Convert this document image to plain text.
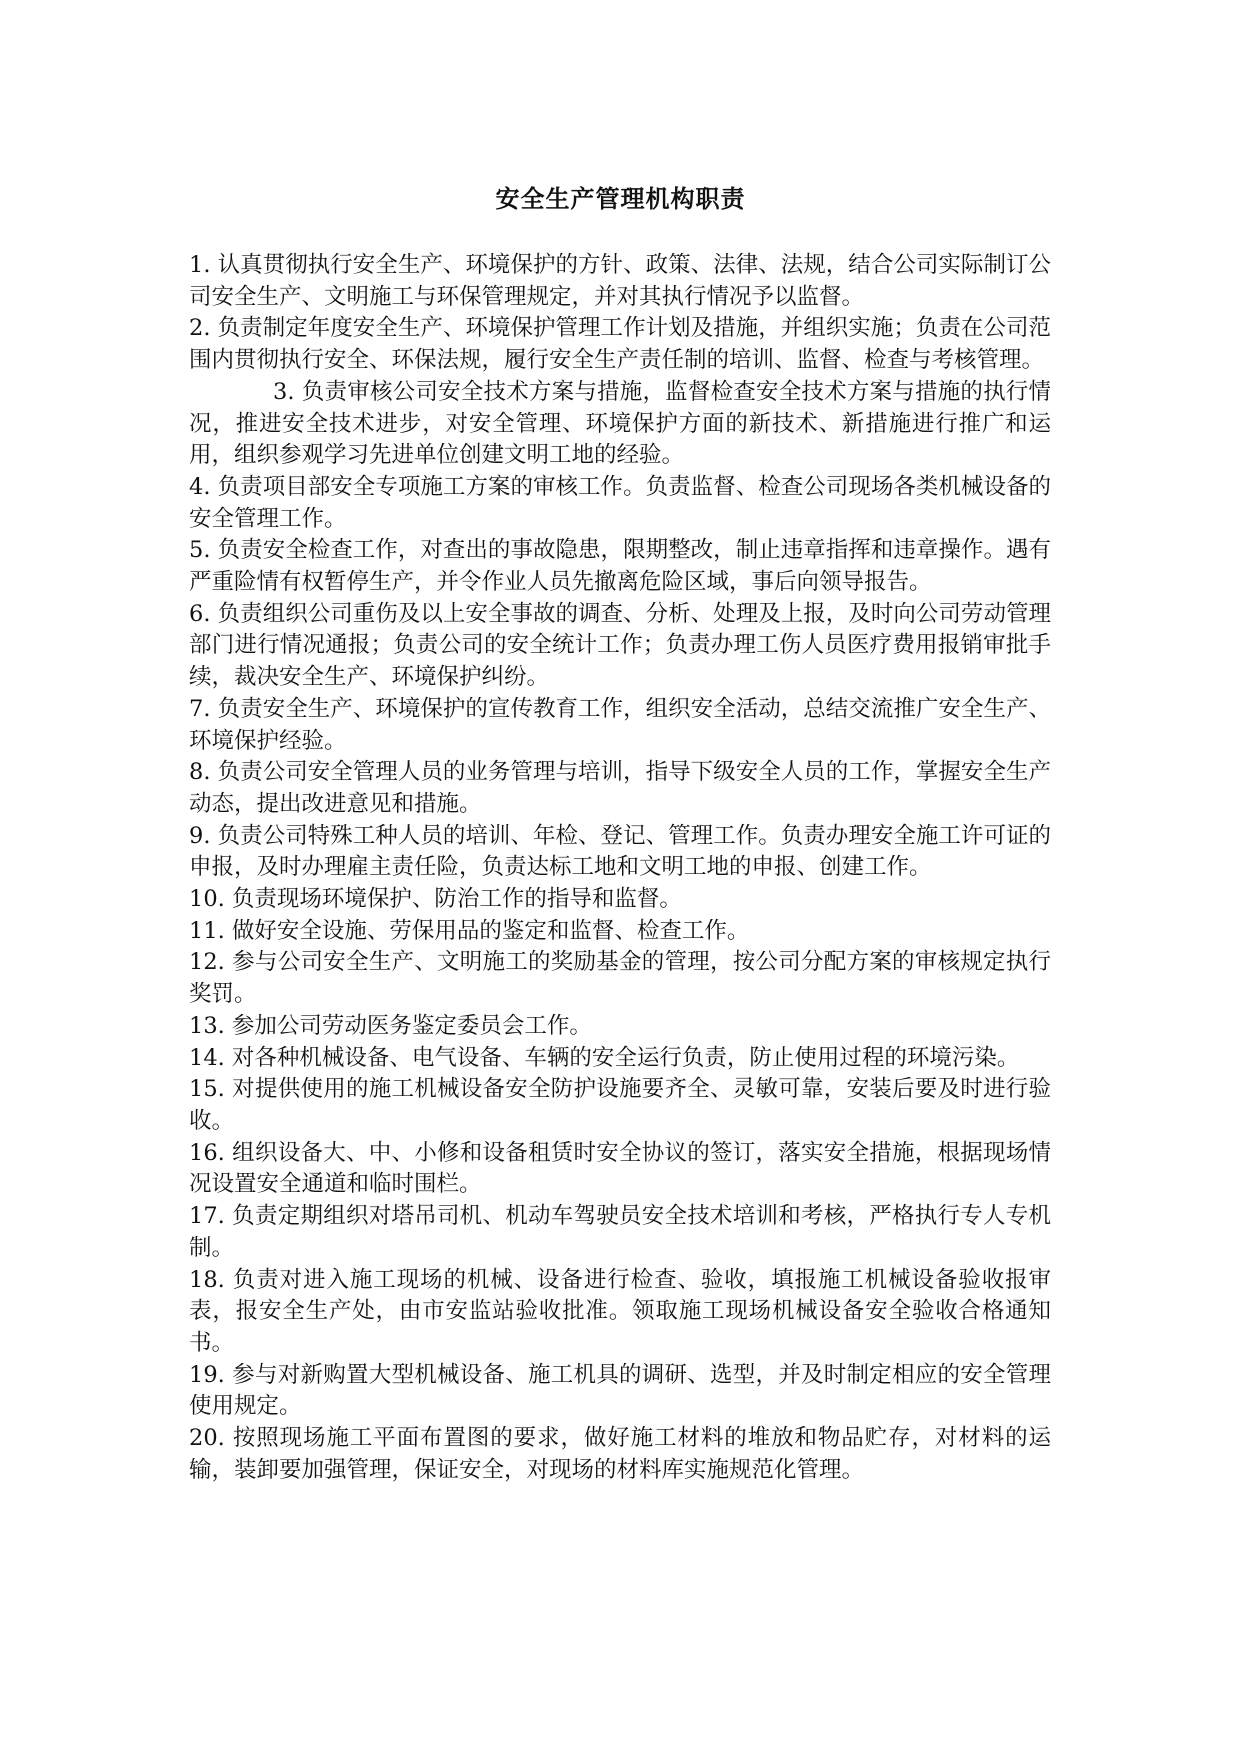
安全生产管理机构职责

1. 认真贯彻执行安全生产、环境保护的方针、政策、法律、法规，结合公司实际制订公司安全生产、文明施工与环保管理规定，并对其执行情况予以监督。

2. 负责制定年度安全生产、环境保护管理工作计划及措施，并组织实施；负责在公司范围内贯彻执行安全、环保法规，履行安全生产责任制的培训、监督、检查与考核管理。

3. 负责审核公司安全技术方案与措施，监督检查安全技术方案与措施的执行情况，推进安全技术进步，对安全管理、环境保护方面的新技术、新措施进行推广和运用，组织参观学习先进单位创建文明工地的经验。

4. 负责项目部安全专项施工方案的审核工作。负责监督、检查公司现场各类机械设备的安全管理工作。

5. 负责安全检查工作，对查出的事故隐患，限期整改，制止违章指挥和违章操作。遇有严重险情有权暂停生产，并令作业人员先撤离危险区域，事后向领导报告。

6. 负责组织公司重伤及以上安全事故的调查、分析、处理及上报，及时向公司劳动管理部门进行情况通报；负责公司的安全统计工作；负责办理工伤人员医疗费用报销审批手续，裁决安全生产、环境保护纠纷。

7. 负责安全生产、环境保护的宣传教育工作，组织安全活动，总结交流推广安全生产、环境保护经验。

8. 负责公司安全管理人员的业务管理与培训，指导下级安全人员的工作，掌握安全生产动态，提出改进意见和措施。

9. 负责公司特殊工种人员的培训、年检、登记、管理工作。负责办理安全施工许可证的申报，及时办理雇主责任险，负责达标工地和文明工地的申报、创建工作。

10. 负责现场环境保护、防治工作的指导和监督。

11. 做好安全设施、劳保用品的鉴定和监督、检查工作。

12. 参与公司安全生产、文明施工的奖励基金的管理，按公司分配方案的审核规定执行奖罚。

13. 参加公司劳动医务鉴定委员会工作。

14. 对各种机械设备、电气设备、车辆的安全运行负责，防止使用过程的环境污染。

15. 对提供使用的施工机械设备安全防护设施要齐全、灵敏可靠，安装后要及时进行验收。

16. 组织设备大、中、小修和设备租赁时安全协议的签订，落实安全措施，根据现场情况设置安全通道和临时围栏。

17. 负责定期组织对塔吊司机、机动车驾驶员安全技术培训和考核，严格执行专人专机制。

18. 负责对进入施工现场的机械、设备进行检查、验收，填报施工机械设备验收报审表，报安全生产处，由市安监站验收批准。领取施工现场机械设备安全验收合格通知书。

19. 参与对新购置大型机械设备、施工机具的调研、选型，并及时制定相应的安全管理使用规定。

20. 按照现场施工平面布置图的要求，做好施工材料的堆放和物品贮存，对材料的运输，装卸要加强管理，保证安全，对现场的材料库实施规范化管理。
